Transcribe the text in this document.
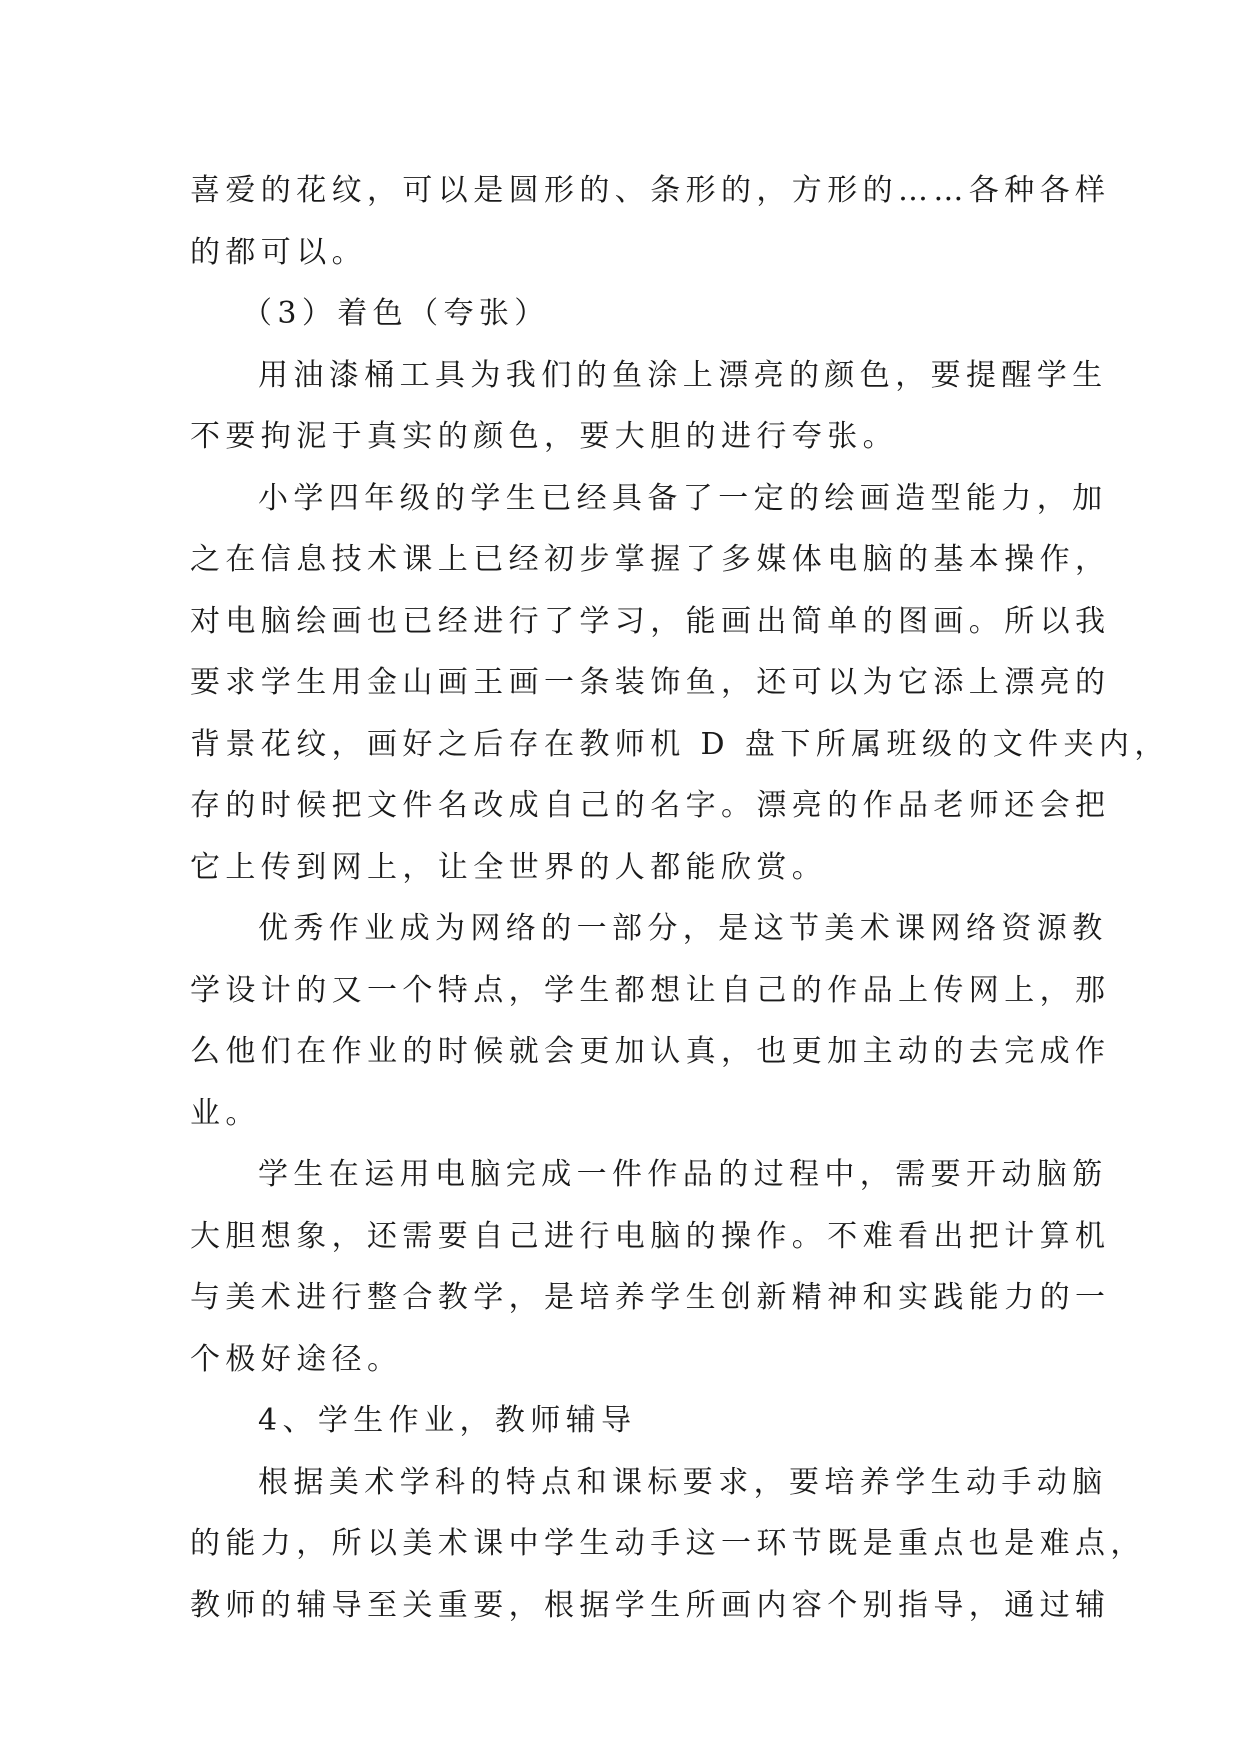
喜爱的花纹，可以是圆形的、条形的，方形的……各种各样
的都可以。
（3）着色（夸张）
用油漆桶工具为我们的鱼涂上漂亮的颜色，要提醒学生
不要拘泥于真实的颜色，要大胆的进行夸张。
小学四年级的学生已经具备了一定的绘画造型能力，加
之在信息技术课上已经初步掌握了多媒体电脑的基本操作，
对电脑绘画也已经进行了学习，能画出简单的图画。所以我
要求学生用金山画王画一条装饰鱼，还可以为它添上漂亮的
背景花纹，画好之后存在教师机 D 盘下所属班级的文件夹内，
存的时候把文件名改成自己的名字。漂亮的作品老师还会把
它上传到网上，让全世界的人都能欣赏。
优秀作业成为网络的一部分，是这节美术课网络资源教
学设计的又一个特点，学生都想让自己的作品上传网上，那
么他们在作业的时候就会更加认真，也更加主动的去完成作
业。
学生在运用电脑完成一件作品的过程中，需要开动脑筋
大胆想象，还需要自己进行电脑的操作。不难看出把计算机
与美术进行整合教学，是培养学生创新精神和实践能力的一
个极好途径。
4、学生作业，教师辅导
根据美术学科的特点和课标要求，要培养学生动手动脑
的能力，所以美术课中学生动手这一环节既是重点也是难点，
教师的辅导至关重要，根据学生所画内容个别指导，通过辅
